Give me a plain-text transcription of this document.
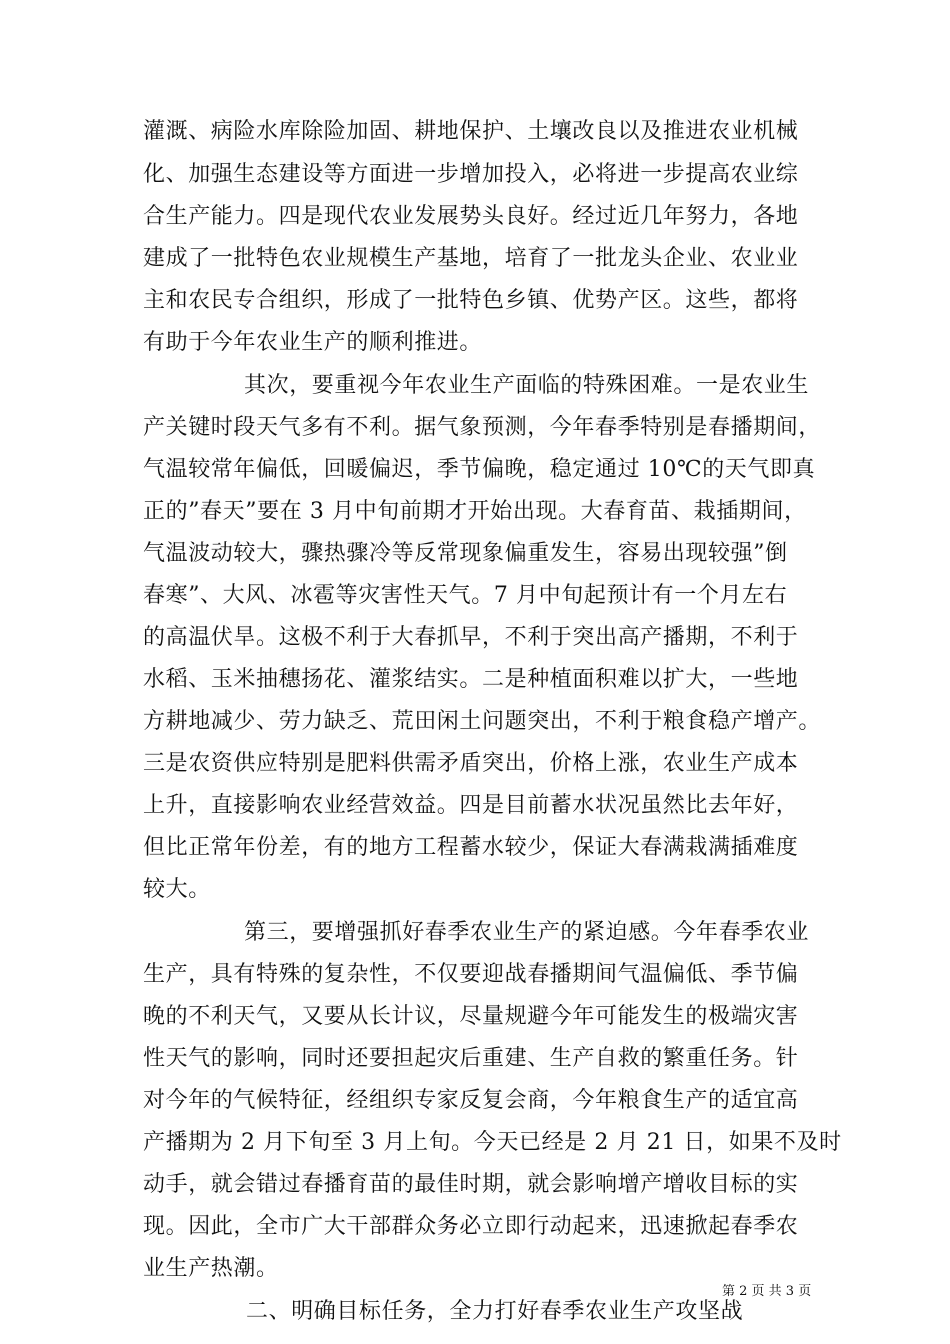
灌溉、病险水库除险加固、耕地保护、土壤改良以及推进农业机械
化、加强生态建设等方面进一步增加投入，必将进一步提高农业综
合生产能力。四是现代农业发展势头良好。经过近几年努力，各地
建成了一批特色农业规模生产基地，培育了一批龙头企业、农业业
主和农民专合组织，形成了一批特色乡镇、优势产区。这些，都将
有助于今年农业生产的顺利推进。
其次，要重视今年农业生产面临的特殊困难。一是农业生
产关键时段天气多有不利。据气象预测，今年春季特别是春播期间，
气温较常年偏低，回暖偏迟，季节偏晚，稳定通过 10℃的天气即真
正的”春天”要在 3 月中旬前期才开始出现。大春育苗、栽插期间，
气温波动较大，骤热骤冷等反常现象偏重发生，容易出现较强”倒
春寒”、大风、冰雹等灾害性天气。7 月中旬起预计有一个月左右
的高温伏旱。这极不利于大春抓早，不利于突出高产播期，不利于
水稻、玉米抽穗扬花、灌浆结实。二是种植面积难以扩大，一些地
方耕地减少、劳力缺乏、荒田闲土问题突出，不利于粮食稳产增产。
三是农资供应特别是肥料供需矛盾突出，价格上涨，农业生产成本
上升，直接影响农业经营效益。四是目前蓄水状况虽然比去年好，
但比正常年份差，有的地方工程蓄水较少，保证大春满栽满插难度
较大。
第三，要增强抓好春季农业生产的紧迫感。今年春季农业
生产，具有特殊的复杂性，不仅要迎战春播期间气温偏低、季节偏
晚的不利天气，又要从长计议，尽量规避今年可能发生的极端灾害
性天气的影响，同时还要担起灾后重建、生产自救的繁重任务。针
对今年的气候特征，经组织专家反复会商，今年粮食生产的适宜高
产播期为 2 月下旬至 3 月上旬。今天已经是 2 月 21 日，如果不及时
动手，就会错过春播育苗的最佳时期，就会影响增产增收目标的实
现。因此，全市广大干部群众务必立即行动起来，迅速掀起春季农
业生产热潮。
二、明确目标任务，全力打好春季农业生产攻坚战
第 2 页 共 3 页
